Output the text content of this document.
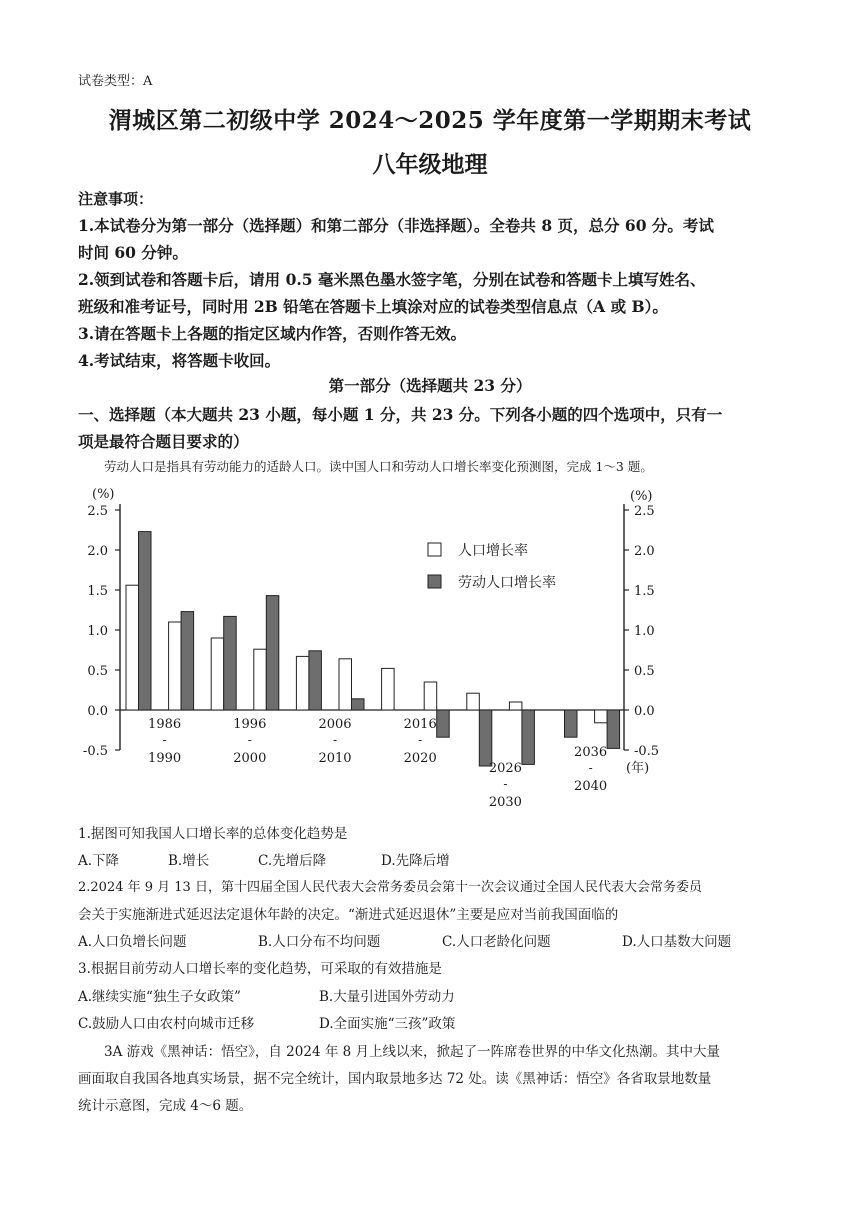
试卷类型：A
渭城区第二初级中学 2024～2025 学年度第一学期期末考试
八年级地理
注意事项：
1.本试卷分为第一部分（选择题）和第二部分（非选择题）。全卷共 8 页，总分 60 分。考试
时间 60 分钟。
2.领到试卷和答题卡后，请用 0.5 毫米黑色墨水签字笔，分别在试卷和答题卡上填写姓名、
班级和准考证号，同时用 2B 铅笔在答题卡上填涂对应的试卷类型信息点（A 或 B）。
3.请在答题卡上各题的指定区域内作答，否则作答无效。
4.考试结束，将答题卡收回。
第一部分（选择题共 23 分）
一、选择题（本大题共 23 小题，每小题 1 分，共 23 分。下列各小题的四个选项中，只有一
项是最符合题目要求的）
劳动人口是指具有劳动能力的适龄人口。读中国人口和劳动人口增长率变化预测图，完成 1～3 题。
2.5	2.5
2.0	2.0
1.5	1.5
1.0	1.0
0.5	0.5
0.0	0.0
-0.5	-0.5
(%)	(%)
1986
-
1990
1996
-
2000
2006
-
2010
2016
-
2020
2026
-
2030
2036
-
2040
(年)
人口增长率
劳动人口增长率
1.据图可知我国人口增长率的总体变化趋势是
A.下降	B.增长	C.先增后降	D.先降后增
2.2024 年 9 月 13 日，第十四届全国人民代表大会常务委员会第十一次会议通过全国人民代表大会常务委员
会关于实施渐进式延迟法定退休年龄的决定。“渐进式延迟退休”主要是应对当前我国面临的
A.人口负增长问题	B.人口分布不均问题	C.人口老龄化问题	D.人口基数大问题
3.根据目前劳动人口增长率的变化趋势，可采取的有效措施是
A.继续实施“独生子女政策”	B.大量引进国外劳动力
C.鼓励人口由农村向城市迁移	D.全面实施“三孩”政策
3A 游戏《黑神话：悟空》，自 2024 年 8 月上线以来，掀起了一阵席卷世界的中华文化热潮。其中大量
画面取自我国各地真实场景，据不完全统计，国内取景地多达 72 处。读《黑神话：悟空》各省取景地数量
统计示意图，完成 4～6 题。
